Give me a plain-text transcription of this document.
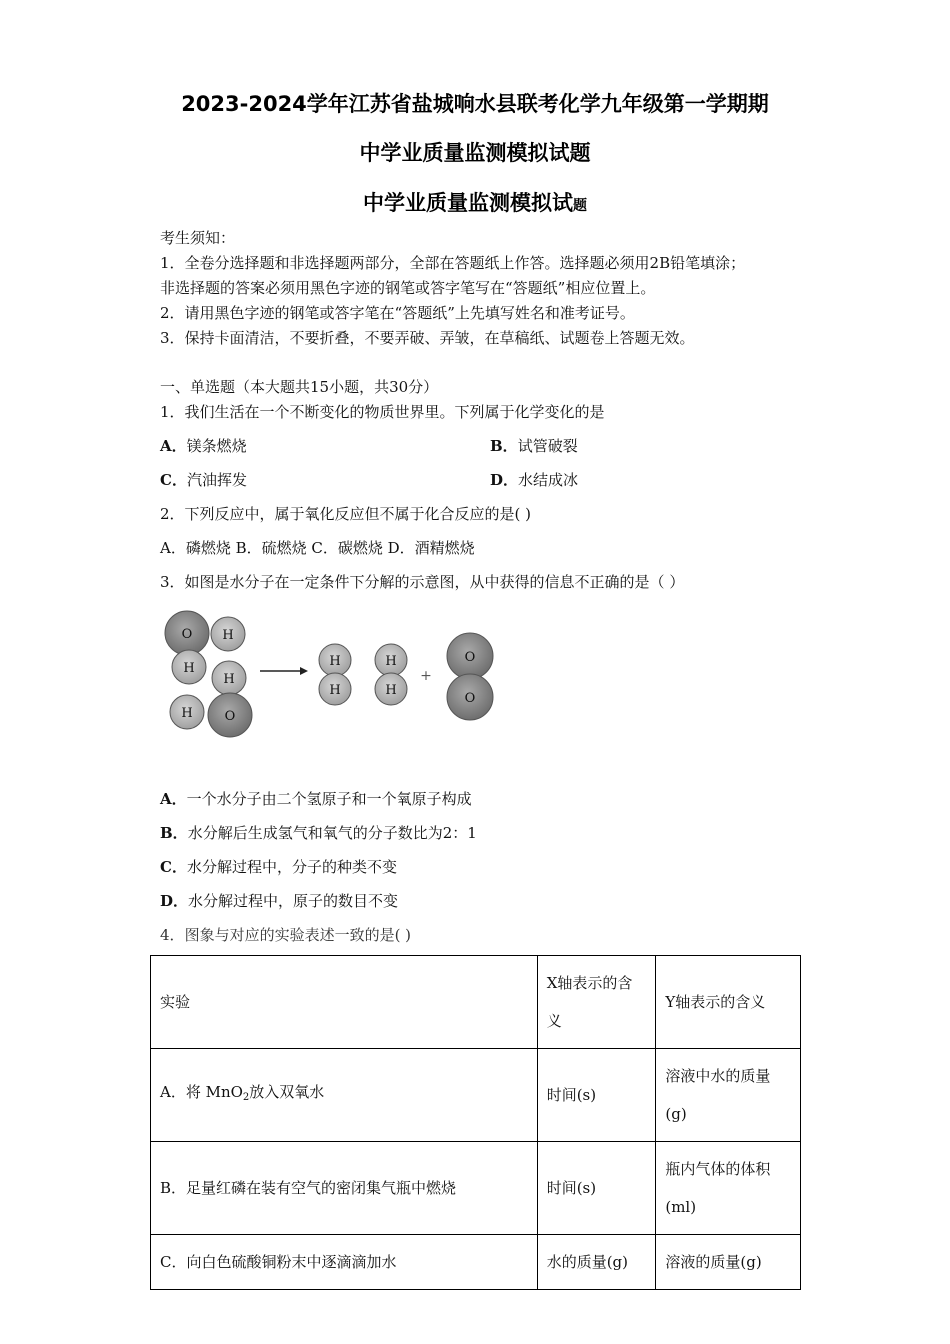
2023-2024学年江苏省盐城响水县联考化学九年级第一学期期
中学业质量监测模拟试题
中学业质量监测模拟试题
考生须知：
1．全卷分选择题和非选择题两部分，全部在答题纸上作答。选择题必须用2B铅笔填涂；
非选择题的答案必须用黑色字迹的钢笔或答字笔写在“答题纸”相应位置上。
2．请用黑色字迹的钢笔或答字笔在“答题纸”上先填写姓名和准考证号。
3．保持卡面清洁，不要折叠，不要弄破、弄皱，在草稿纸、试题卷上答题无效。
一、单选题（本大题共15小题，共30分）
1．我们生活在一个不断变化的物质世界里。下列属于化学变化的是
A．镁条燃烧	B．试管破裂
C．汽油挥发	D．水结成冰
2．下列反应中，属于氧化反应但不属于化合反应的是( )
A．磷燃烧 B．硫燃烧 C．碳燃烧 D．酒精燃烧
3．如图是水分子在一定条件下分解的示意图，从中获得的信息不正确的是（ ）
O H
H
H
H O
H
H
H
H
+
O
O
A．一个水分子由二个氢原子和一个氧原子构成
B．水分解后生成氢气和氧气的分子数比为2：1
C．水分解过程中，分子的种类不变
D．水分解过程中，原子的数目不变
4．图象与对应的实验表述一致的是( )
实验	X轴表示的含义	Y轴表示的含义
A．将 MnO$_2$放入双氧水	时间(s)	溶液中水的质量(g)
B．足量红磷在装有空气的密闭集气瓶中燃烧	时间(s)	瓶内气体的体积(ml)
C．向白色硫酸铜粉末中逐滴滴加水	水的质量(g)	溶液的质量(g)
